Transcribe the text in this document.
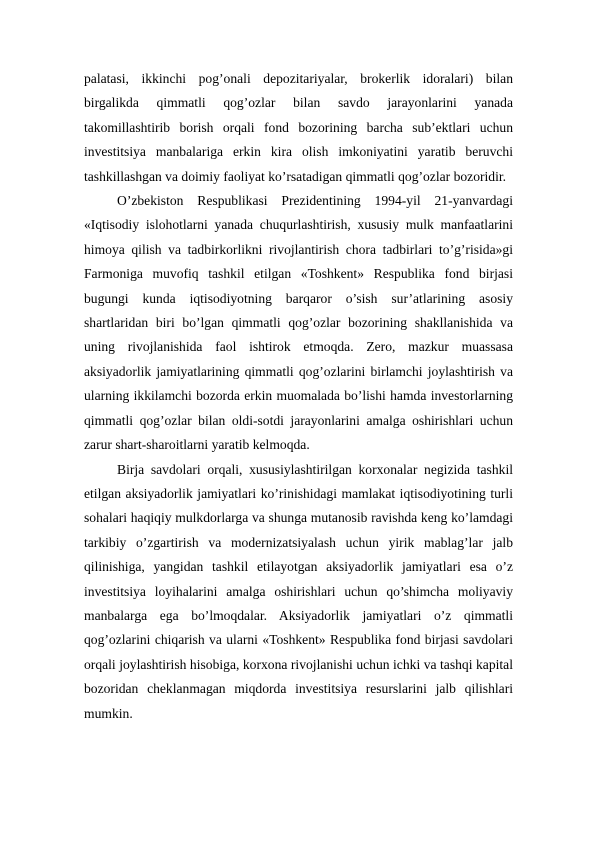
palatasi, ikkinchi pog’onali depozitariyalar, brokerlik idoralari) bilan birgalikda qimmatli qog’ozlar bilan savdo jarayonlarini yanada takomillashtirib borish orqali fond bozorining barcha sub’ektlari uchun investitsiya manbalariga erkin kira olish imkoniyatini yaratib beruvchi tashkillashgan va doimiy faoliyat ko’rsatadigan qimmatli qog’ozlar bozoridir.

O’zbekiston Respublikasi Prezidentining 1994-yil 21-yanvardagi «Iqtisodiy islohotlarni yanada chuqurlashtirish, xususiy mulk manfaatlarini himoya qilish va tadbirkorlikni rivojlantirish chora tadbirlari to’g’risida»gi Farmoniga muvofiq tashkil etilgan «Toshkent» Respublika fond birjasi bugungi kunda iqtisodiyotning barqaror o’sish sur’atlarining asosiy shartlaridan biri bo’lgan qimmatli qog’ozlar bozorining shakllanishida va uning rivojlanishida faol ishtirok etmoqda. Zero, mazkur muassasa aksiyadorlik jamiyatlarining qimmatli qog’ozlarini birlamchi joylashtirish va ularning ikkilamchi bozorda erkin muomalada bo’lishi hamda investorlarning qimmatli qog’ozlar bilan oldi-sotdi jarayonlarini amalga oshirishlari uchun zarur shart-sharoitlarni yaratib kelmoqda.

Birja savdolari orqali, xususiylashtirilgan korxonalar negizida tashkil etilgan aksiyadorlik jamiyatlari ko’rinishidagi mamlakat iqtisodiyotining turli sohalari haqiqiy mulkdorlarga va shunga mutanosib ravishda keng ko’lamdagi tarkibiy o’zgartirish va modernizatsiyalash uchun yirik mablag’lar jalb qilinishiga, yangidan tashkil etilayotgan aksiyadorlik jamiyatlari esa o’z investitsiya loyihalarini amalga oshirishlari uchun qo’shimcha moliyaviy manbalarga ega bo’lmoqdalar. Aksiyadorlik jamiyatlari o’z qimmatli qog’ozlarini chiqarish va ularni «Toshkent» Respublika fond birjasi savdolari orqali joylashtirish hisobiga, korxona rivojlanishi uchun ichki va tashqi kapital bozoridan cheklanmagan miqdorda investitsiya resurslarini jalb qilishlari mumkin.
